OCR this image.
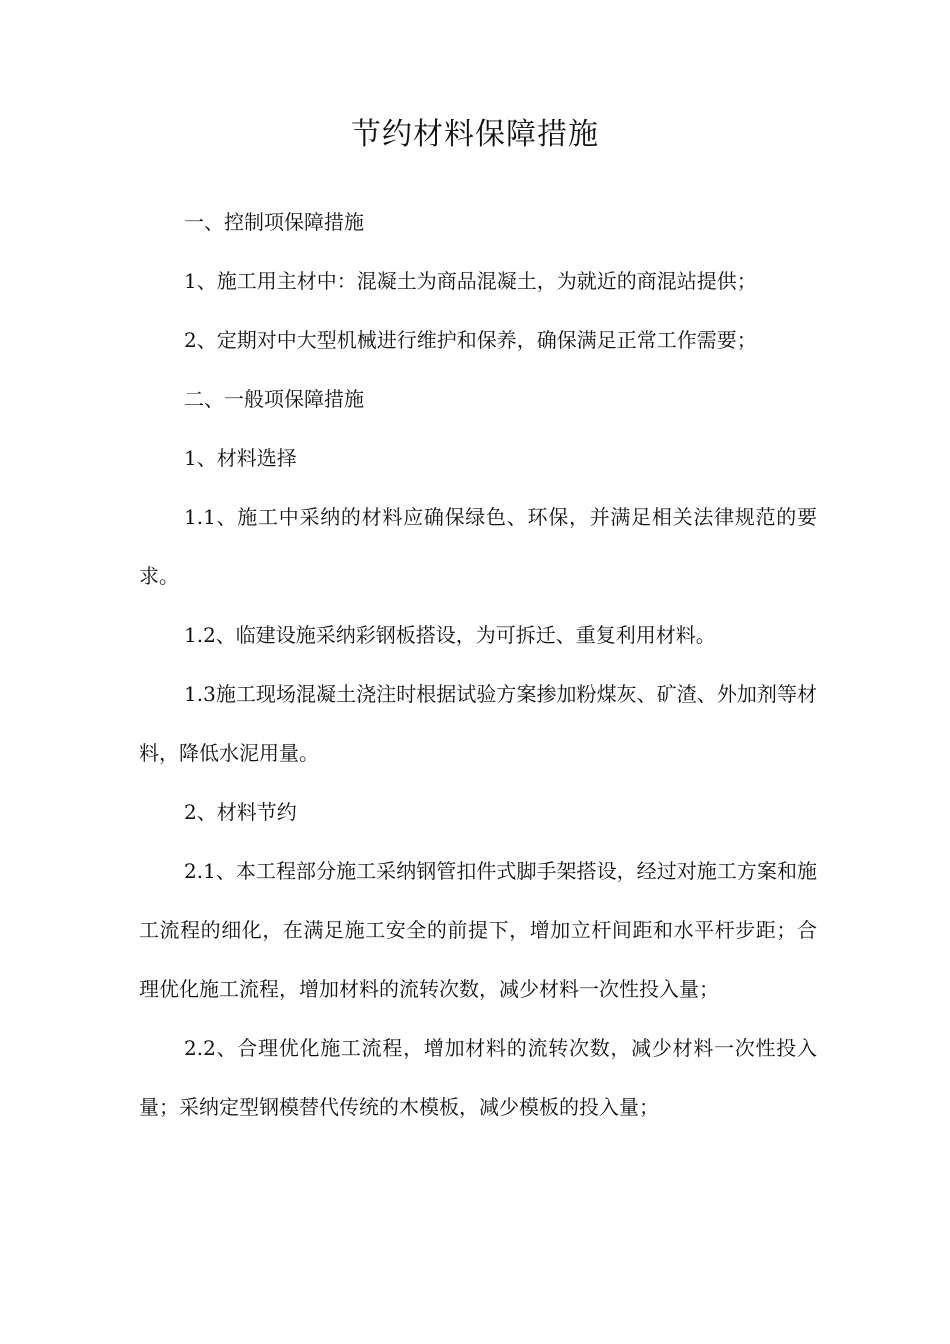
节约材料保障措施

一、控制项保障措施

1、施工用主材中：混凝土为商品混凝土，为就近的商混站提供；

2、定期对中大型机械进行维护和保养，确保满足正常工作需要；

二、一般项保障措施

1、材料选择

1.1、施工中采纳的材料应确保绿色、环保，并满足相关法律规范的要求。

1.2、临建设施采纳彩钢板搭设，为可拆迁、重复利用材料。

1.3施工现场混凝土浇注时根据试验方案掺加粉煤灰、矿渣、外加剂等材料，降低水泥用量。

2、材料节约

2.1、本工程部分施工采纳钢管扣件式脚手架搭设，经过对施工方案和施工流程的细化，在满足施工安全的前提下，增加立杆间距和水平杆步距；合理优化施工流程，增加材料的流转次数，减少材料一次性投入量；

2.2、合理优化施工流程，增加材料的流转次数，减少材料一次性投入量；采纳定型钢模替代传统的木模板，减少模板的投入量；
